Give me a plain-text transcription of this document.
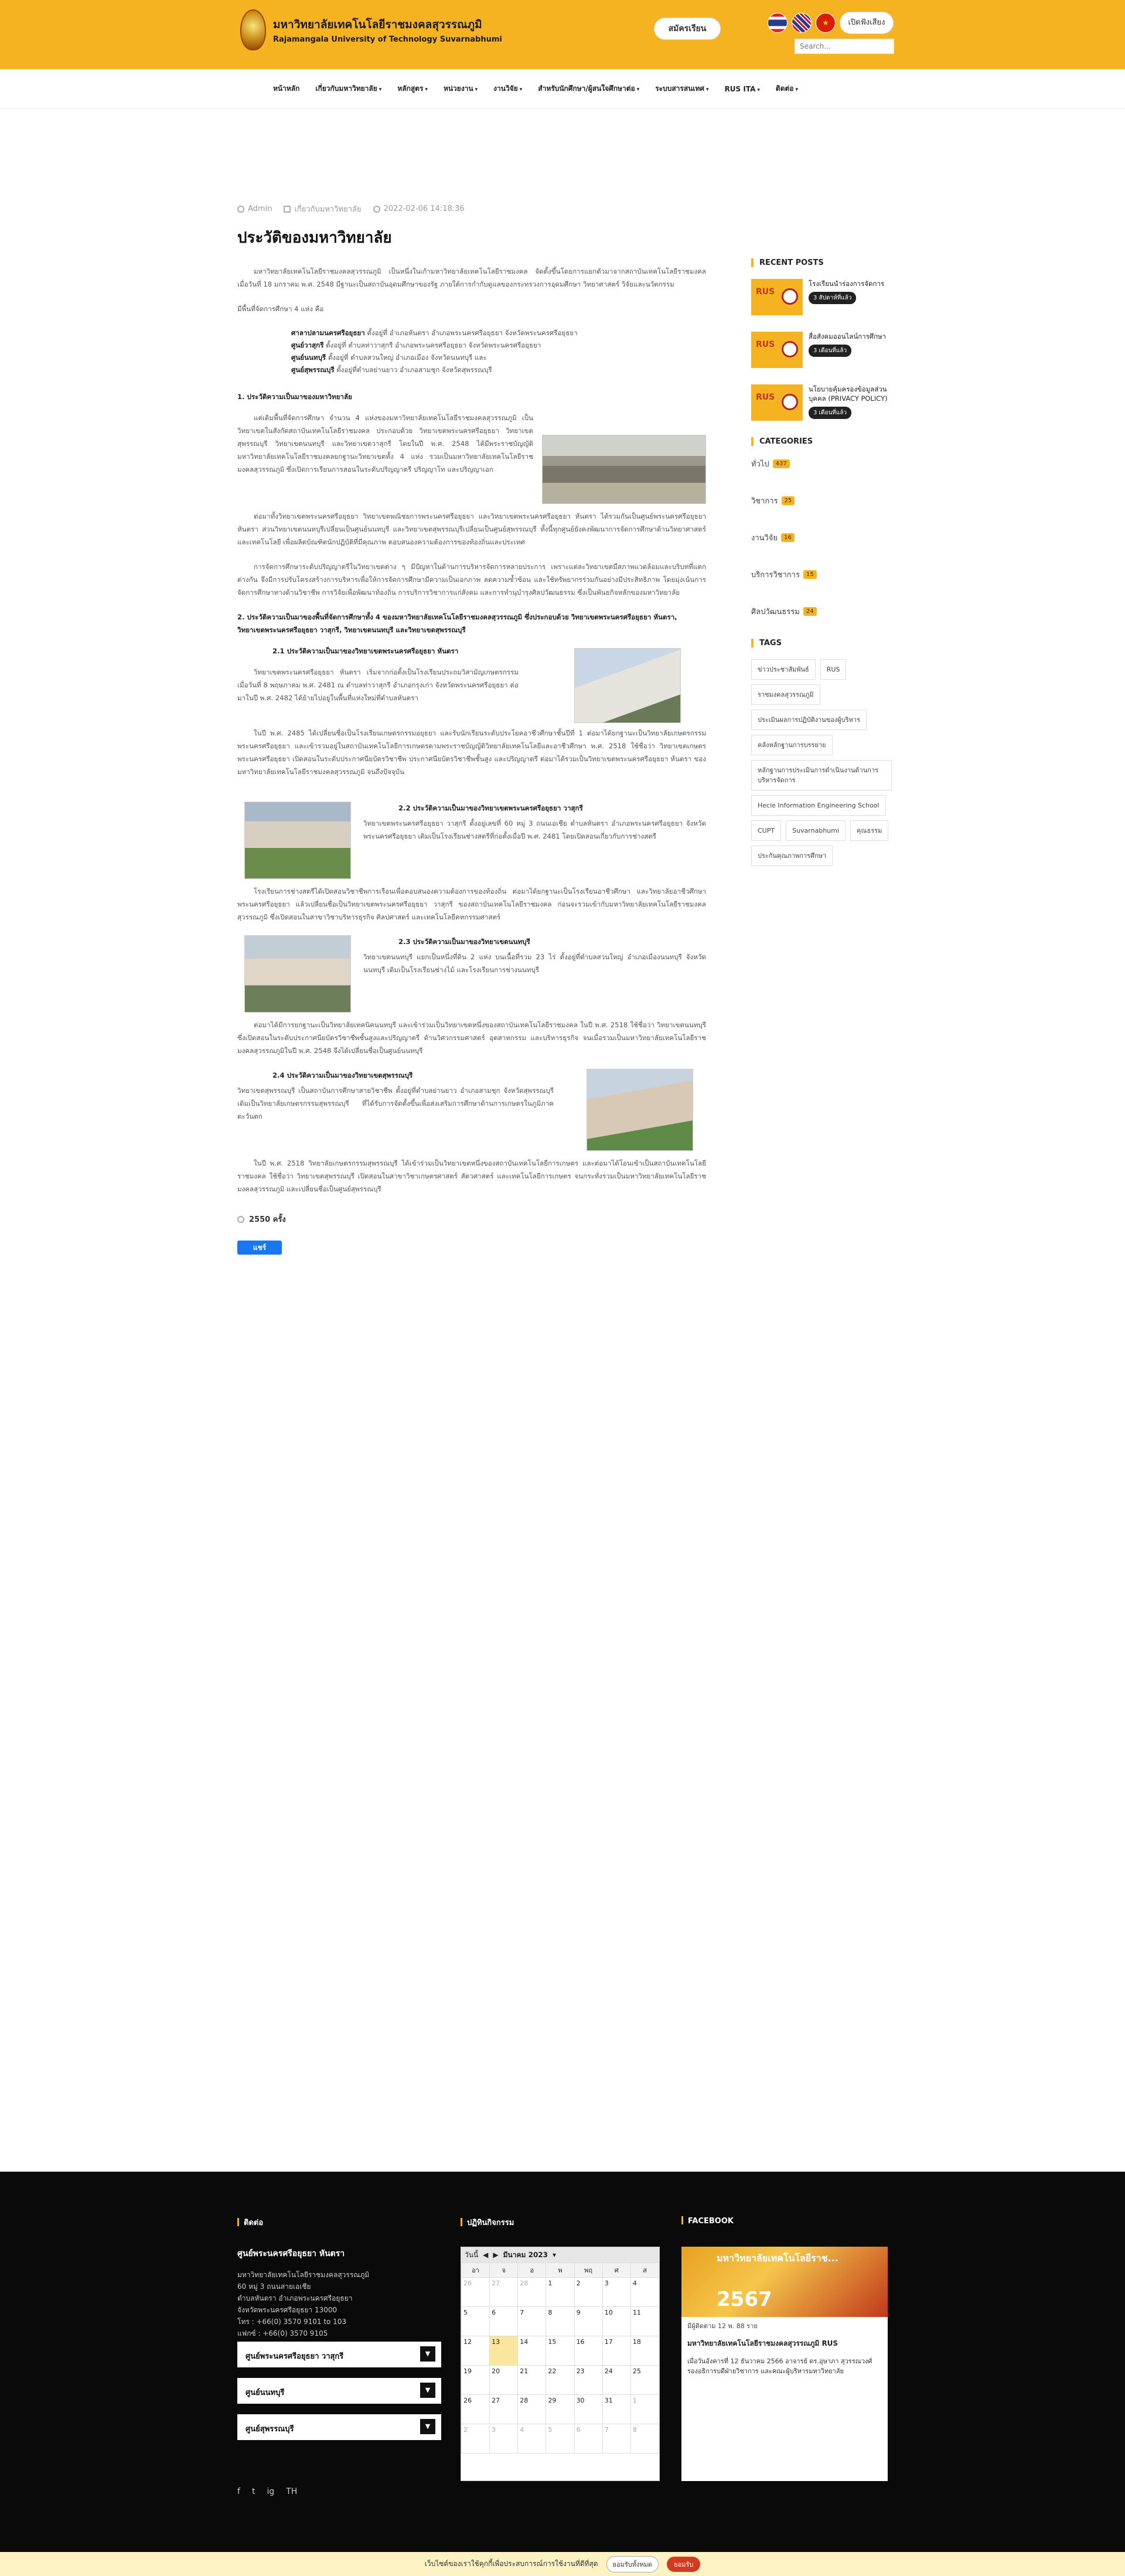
มหาวิทยาลัยเทคโนโลยีราชมงคลสุวรรณภูมิ
Rajamangala University of Technology Suvarnabhumi
สมัครเรียน
★	เปิดฟังเสียง
Search...
หน้าหลัก เกี่ยวกับมหาวิทยาลัย ▾ หลักสูตร ▾ หน่วยงาน ▾ งานวิจัย ▾ สำหรับนักศึกษา/ผู้สนใจศึกษาต่อ ▾ ระบบสารสนเทศ ▾ RUS ITA ▾ ติดต่อ ▾
Admin	เกี่ยวกับมหาวิทยาลัย	2022-02-06 14:18:36
ประวัติของมหาวิทยาลัย

มหาวิทยาลัยเทคโนโลยีราชมงคลสุวรรณภูมิ เป็นหนึ่งในเก้ามหาวิทยาลัยเทคโนโลยีราชมงคล จัดตั้งขึ้นโดยการแยกตัวมาจากสถาบันเทคโนโลยีราชมงคล เมื่อวันที่ 18 มกราคม พ.ศ. 2548 มีฐานะเป็นสถาบันอุดมศึกษาของรัฐ ภายใต้การกำกับดูแลของกระทรวงการอุดมศึกษา วิทยาศาสตร์ วิจัยและนวัตกรรม

มีพื้นที่จัดการศึกษา 4 แห่ง คือ

ศาลาปลามนครศรีอยุธยา ตั้งอยู่ที่ อำเภอหันตรา อำเภอพระนครศรีอยุธยา จังหวัดพระนครศรีอยุธยา
ศูนย์วาสุกรี ตั้งอยู่ที่ ตำบลท่าวาสุกรี อำเภอพระนครศรีอยุธยา จังหวัดพระนครศรีอยุธยา
ศูนย์นนทบุรี ตั้งอยู่ที่ ตำบลสวนใหญ่ อำเภอเมือง จังหวัดนนทบุรี และ
ศูนย์สุพรรณบุรี ตั้งอยู่ที่ตำบลย่านยาว อำเภอสามชุก จังหวัดสุพรรณบุรี
1. ประวัติความเป็นมาของมหาวิทยาลัย

แต่เดิมพื้นที่จัดการศึกษา จำนวน 4 แห่งของมหาวิทยาลัยเทคโนโลยีราชมงคลสุวรรณภูมิ เป็นวิทยาเขตในสังกัดสถาบันเทคโนโลยีราชมงคล ประกอบด้วย วิทยาเขตพระนครศรีอยุธยา วิทยาเขตสุพรรณบุรี วิทยาเขตนนทบุรี และวิทยาเขตวาสุกรี โดยในปี พ.ศ. 2548 ได้มีพระราชบัญญัติมหาวิทยาลัยเทคโนโลยีราชมงคลยกฐานะวิทยาเขตทั้ง 4 แห่ง รวมเป็นมหาวิทยาลัยเทคโนโลยีราชมงคลสุวรรณภูมิ ซึ่งเปิดการเรียนการสอนในระดับปริญญาตรี ปริญญาโท และปริญญาเอก

ต่อมาทั้งวิทยาเขตพระนครศรีอยุธยา วิทยาเขตพณิชยการพระนครศรีอยุธยา และวิทยาเขตพระนครศรีอยุธยา หันตรา ได้รวมกันเป็นศูนย์พระนครศรีอยุธยา หันตรา ส่วนวิทยาเขตนนทบุรีเปลี่ยนเป็นศูนย์นนทบุรี และวิทยาเขตสุพรรณบุรีเปลี่ยนเป็นศูนย์สุพรรณบุรี ทั้งนี้ทุกศูนย์ยังคงพัฒนาการจัดการศึกษาด้านวิทยาศาสตร์และเทคโนโลยี เพื่อผลิตบัณฑิตนักปฏิบัติที่มีคุณภาพ ตอบสนองความต้องการของท้องถิ่นและประเทศ

การจัดการศึกษาระดับปริญญาตรีในวิทยาเขตต่าง ๆ มีปัญหาในด้านการบริหารจัดการหลายประการ เพราะแต่ละวิทยาเขตมีสภาพแวดล้อมและบริบทที่แตกต่างกัน จึงมีการปรับโครงสร้างการบริหารเพื่อให้การจัดการศึกษามีความเป็นเอกภาพ ลดความซ้ำซ้อน และใช้ทรัพยากรร่วมกันอย่างมีประสิทธิภาพ โดยมุ่งเน้นการจัดการศึกษาทางด้านวิชาชีพ การวิจัยเพื่อพัฒนาท้องถิ่น การบริการวิชาการแก่สังคม และการทำนุบำรุงศิลปวัฒนธรรม ซึ่งเป็นพันธกิจหลักของมหาวิทยาลัย

2. ประวัติความเป็นมาของพื้นที่จัดการศึกษาทั้ง 4 ของมหาวิทยาลัยเทคโนโลยีราชมงคลสุวรรณภูมิ ซึ่งประกอบด้วย วิทยาเขตพระนครศรีอยุธยา หันตรา, วิทยาเขตพระนครศรีอยุธยา วาสุกรี, วิทยาเขตนนทบุรี และวิทยาเขตสุพรรณบุรี
2.1 ประวัติความเป็นมาของวิทยาเขตพระนครศรีอยุธยา หันตรา

วิทยาเขตพระนครศรีอยุธยา หันตรา เริ่มจากก่อตั้งเป็นโรงเรียนประถมวิสามัญเกษตรกรรมเมื่อวันที่ 8 พฤษภาคม พ.ศ. 2481 ณ ตำบลท่าวาสุกรี อำเภอกรุงเก่า จังหวัดพระนครศรีอยุธยา ต่อมาในปี พ.ศ. 2482 ได้ย้ายไปอยู่ในพื้นที่แห่งใหม่ที่ตำบลหันตรา

ในปี พ.ศ. 2485 ได้เปลี่ยนชื่อเป็นโรงเรียนเกษตรกรรมอยุธยา และรับนักเรียนระดับประโยคอาชีวศึกษาชั้นปีที่ 1 ต่อมาได้ยกฐานะเป็นวิทยาลัยเกษตรกรรมพระนครศรีอยุธยา และเข้ารวมอยู่ในสถาบันเทคโนโลยีการเกษตรตามพระราชบัญญัติวิทยาลัยเทคโนโลยีและอาชีวศึกษา พ.ศ. 2518 ใช้ชื่อว่า วิทยาเขตเกษตรพระนครศรีอยุธยา เปิดสอนในระดับประกาศนียบัตรวิชาชีพ ประกาศนียบัตรวิชาชีพชั้นสูง และปริญญาตรี ต่อมาได้รวมเป็นวิทยาเขตพระนครศรีอยุธยา หันตรา ของมหาวิทยาลัยเทคโนโลยีราชมงคลสุวรรณภูมิ จนถึงปัจจุบัน

2.2 ประวัติความเป็นมาของวิทยาเขตพระนครศรีอยุธยา วาสุกรี

วิทยาเขตพระนครศรีอยุธยา วาสุกรี ตั้งอยู่เลขที่ 60 หมู่ 3 ถนนเอเชีย ตำบลหันตรา อำเภอพระนครศรีอยุธยา จังหวัดพระนครศรีอยุธยา เดิมเป็นโรงเรียนช่างสตรีที่ก่อตั้งเมื่อปี พ.ศ. 2481 โดยเปิดสอนเกี่ยวกับการช่างสตรี

โรงเรียนการช่างสตรีได้เปิดสอนวิชาชีพการเรือนเพื่อตอบสนองความต้องการของท้องถิ่น ต่อมาได้ยกฐานะเป็นโรงเรียนอาชีวศึกษา และวิทยาลัยอาชีวศึกษาพระนครศรีอยุธยา แล้วเปลี่ยนชื่อเป็นวิทยาเขตพระนครศรีอยุธยา วาสุกรี ของสถาบันเทคโนโลยีราชมงคล ก่อนจะรวมเข้ากับมหาวิทยาลัยเทคโนโลยีราชมงคลสุวรรณภูมิ ซึ่งเปิดสอนในสาขาวิชาบริหารธุรกิจ ศิลปศาสตร์ และเทคโนโลยีคหกรรมศาสตร์

2.3 ประวัติความเป็นมาของวิทยาเขตนนทบุรี

วิทยาเขตนนทบุรี แยกเป็นหนึ่งที่ดิน 2 แห่ง บนเนื้อที่รวม 23 ไร่ ตั้งอยู่ที่ตำบลสวนใหญ่ อำเภอเมืองนนทบุรี จังหวัดนนทบุรี เดิมเป็นโรงเรียนช่างไม้ และโรงเรียนการช่างนนทบุรี

ต่อมาได้มีการยกฐานะเป็นวิทยาลัยเทคนิคนนทบุรี และเข้าร่วมเป็นวิทยาเขตหนึ่งของสถาบันเทคโนโลยีราชมงคล ในปี พ.ศ. 2518 ใช้ชื่อว่า วิทยาเขตนนทบุรี ซึ่งเปิดสอนในระดับประกาศนียบัตรวิชาชีพชั้นสูงและปริญญาตรี ด้านวิศวกรรมศาสตร์ อุตสาหกรรม และบริหารธุรกิจ จนเมื่อรวมเป็นมหาวิทยาลัยเทคโนโลยีราชมงคลสุวรรณภูมิในปี พ.ศ. 2548 จึงได้เปลี่ยนชื่อเป็นศูนย์นนทบุรี

2.4 ประวัติความเป็นมาของวิทยาเขตสุพรรณบุรี

วิทยาเขตสุพรรณบุรี เป็นสถาบันการศึกษาสายวิชาชีพ ตั้งอยู่ที่ตำบลย่านยาว อำเภอสามชุก จังหวัดสุพรรณบุรี เดิมเป็นวิทยาลัยเกษตรกรรมสุพรรณบุรี ที่ได้รับการจัดตั้งขึ้นเพื่อส่งเสริมการศึกษาด้านการเกษตรในภูมิภาคตะวันตก

ในปี พ.ศ. 2518 วิทยาลัยเกษตรกรรมสุพรรณบุรี ได้เข้าร่วมเป็นวิทยาเขตหนึ่งของสถาบันเทคโนโลยีการเกษตร และต่อมาได้โอนเข้าเป็นสถาบันเทคโนโลยีราชมงคล ใช้ชื่อว่า วิทยาเขตสุพรรณบุรี เปิดสอนในสาขาวิชาเกษตรศาสตร์ สัตวศาสตร์ และเทคโนโลยีการเกษตร จนกระทั่งรวมเป็นมหาวิทยาลัยเทคโนโลยีราชมงคลสุวรรณภูมิ และเปลี่ยนชื่อเป็นศูนย์สุพรรณบุรี

2550 ครั้ง
แชร์
RECENT POSTS
RUS
โรงเรียนนำร่องการจัดการ
3 สัปดาห์ที่แล้ว
RUS
สื่อสังคมออนไลน์การศึกษา
3 เดือนที่แล้ว
RUS
นโยบายคุ้มครองข้อมูลส่วนบุคคล (PRIVACY POLICY)
3 เดือนที่แล้ว
CATEGORIES
ทั่วไป	437
วิชาการ	25
งานวิจัย	16
บริการวิชาการ	15
ศิลปวัฒนธรรม	24
TAGS
ข่าวประชาสัมพันธ์	RUS
ราชมงคลสุวรรณภูมิ
ประเมินผลการปฏิบัติงานของผู้บริหาร
คลังหลักฐานการบรรยาย
หลักฐานการประเมินการดำเนินงานด้านการบริหารจัดการ
Hecie Information Engineering School
CUPT	Suvarnabhumi	คุณธรรม
ประกันคุณภาพการศึกษา
ติดต่อ	ปฏิทินกิจกรรม	FACEBOOK
ศูนย์พระนครศรีอยุธยา หันตรา
มหาวิทยาลัยเทคโนโลยีราชมงคลสุวรรณภูมิ
60 หมู่ 3 ถนนสายเอเชีย
ตำบลหันตรา อำเภอพระนครศรีอยุธยา
จังหวัดพระนครศรีอยุธยา 13000
โทร : +66(0) 3570 9101 to 103
แฟกซ์ : +66(0) 3570 9105
ศูนย์พระนครศรีอยุธยา วาสุกรี	▼
ศูนย์นนทบุรี	▼
ศูนย์สุพรรณบุรี	▼
f t ig TH
วันนี้ ◀ ▶ มีนาคม 2023 ▾
อา	จ	อ	พ	พฤ	ศ	ส
26	27	28	1	2	3	4
5	6	7	8	9	10	11
12	13	14	15	16	17	18
19	20	21	22	23	24	25
26	27	28	29	30	31	1
2	3	4	5	6	7	8
มหาวิทยาลัยเทคโนโลยีราช...
2567
มีผู้ติดตาม 12 พ. 88 ราย
มหาวิทยาลัยเทคโนโลยีราชมงคลสุวรรณภูมิ RUS
เมื่อวันอังคารที่ 12 ธันวาคม 2566 อาจารย์ ดร.อุษาภา สุวรรณวงศ์ รองอธิการบดีฝ่ายวิชาการ และคณะผู้บริหารมหาวิทยาลัย
เว็บไซต์ของเราใช้คุกกี้เพื่อประสบการณ์การใช้งานที่ดีที่สุด	ยอมรับทั้งหมด	ยอมรับ
